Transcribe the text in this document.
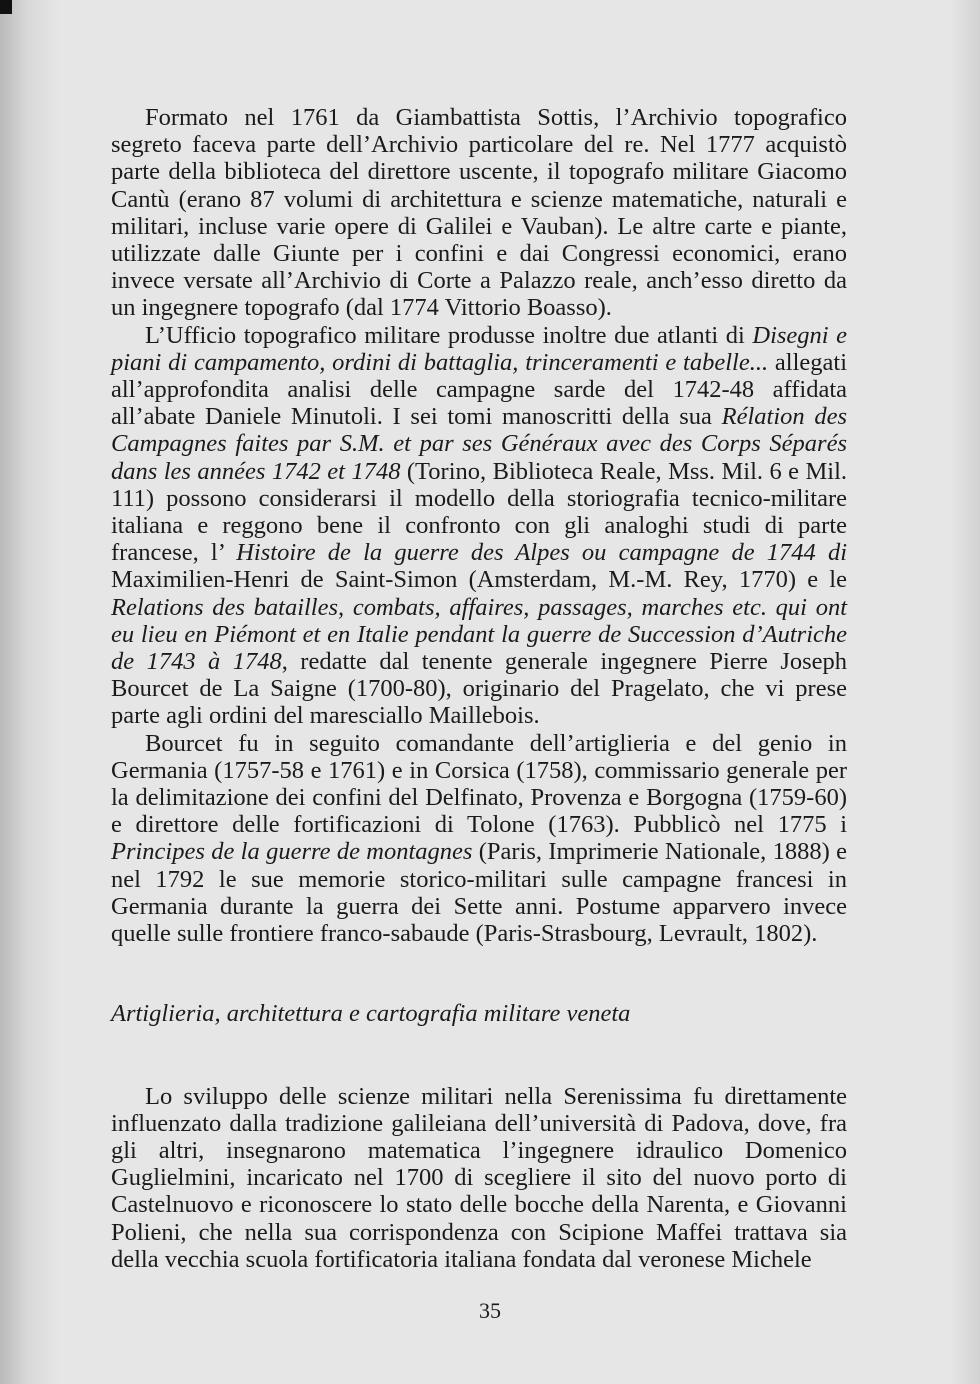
Formato nel 1761 da Giambattista Sottis, l’Archivio topografico segreto faceva parte dell’Archivio particolare del re. Nel 1777 acquistò parte della biblioteca del direttore uscente, il topografo militare Giacomo Cantù (erano 87 volumi di architettura e scienze matematiche, naturali e militari, incluse varie opere di Galilei e Vauban). Le altre carte e piante, utilizzate dalle Giunte per i confini e dai Congressi economici, erano invece versate all’Archivio di Corte a Palazzo reale, anch’esso diretto da un ingegnere topografo (dal 1774 Vittorio Boasso).

L’Ufficio topografico militare produsse inoltre due atlanti di Disegni e piani di campamento, ordini di battaglia, trinceramenti e tabelle... allegati all’approfondita analisi delle campagne sarde del 1742-48 affidata all’abate Daniele Minutoli. I sei tomi manoscritti della sua Rélation des Campagnes faites par S.M. et par ses Généraux avec des Corps Séparés dans les années 1742 et 1748 (Torino, Biblioteca Reale, Mss. Mil. 6 e Mil. 111) possono considerarsi il modello della storiografia tecnico-militare italiana e reggono bene il confronto con gli analoghi studi di parte francese, l’ Histoire de la guerre des Alpes ou campagne de 1744 di Maximilien-Henri de Saint-Simon (Amsterdam, M.-M. Rey, 1770) e le Relations des batailles, combats, affaires, passages, marches etc. qui ont eu lieu en Piémont et en Italie pendant la guerre de Succession d’Autriche de 1743 à 1748, redatte dal tenente generale ingegnere Pierre Joseph Bourcet de La Saigne (1700-80), originario del Pragelato, che vi prese parte agli ordini del maresciallo Maillebois.

Bourcet fu in seguito comandante dell’artiglieria e del genio in Germania (1757-58 e 1761) e in Corsica (1758), commissario generale per la delimitazione dei confini del Delfinato, Provenza e Borgogna (1759-60) e direttore delle fortificazioni di Tolone (1763). Pubblicò nel 1775 i Principes de la guerre de montagnes (Paris, Imprimerie Nationale, 1888) e nel 1792 le sue memorie storico-militari sulle campagne francesi in Germania durante la guerra dei Sette anni. Postume apparvero invece quelle sulle frontiere franco-sabaude (Paris-Strasbourg, Levrault, 1802).

Artiglieria, architettura e cartografia militare veneta

Lo sviluppo delle scienze militari nella Serenissima fu direttamente influenzato dalla tradizione galileiana dell’università di Padova, dove, fra gli altri, insegnarono matematica l’ingegnere idraulico Domenico Guglielmini, incaricato nel 1700 di scegliere il sito del nuovo porto di Castelnuovo e riconoscere lo stato delle bocche della Narenta, e Giovanni Polieni, che nella sua corrispondenza con Scipione Maffei trattava sia della vecchia scuola fortificatoria italiana fondata dal veronese Michele

35
